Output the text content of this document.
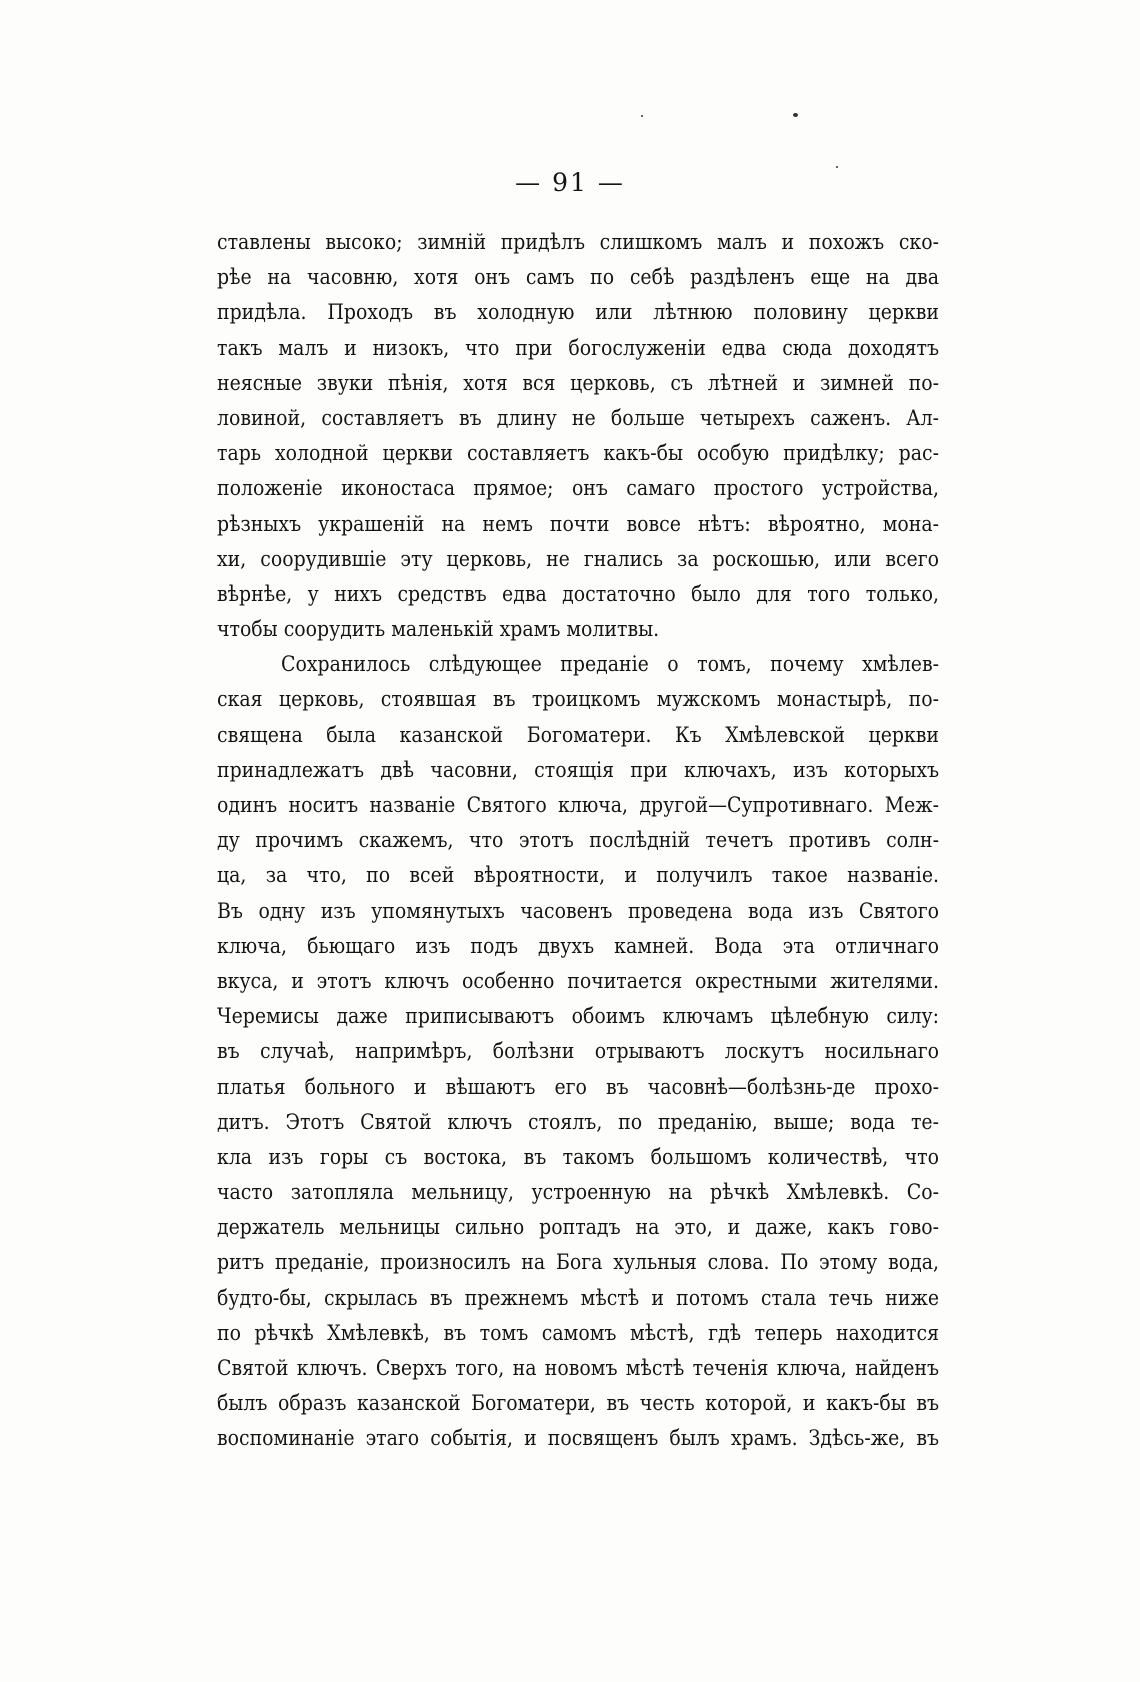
— 91 —
ставлены высоко; зимній придѣлъ слишкомъ малъ и похожъ ско-
рѣе на часовню, хотя онъ самъ по себѣ раздѣленъ еще на два
придѣла. Проходъ въ холодную или лѣтнюю половину церкви
такъ малъ и низокъ, что при богослуженіи едва сюда доходятъ
неясные звуки пѣнія, хотя вся церковь, съ лѣтней и зимней по-
ловиной, составляетъ въ длину не больше четырехъ саженъ. Ал-
тарь холодной церкви составляетъ какъ-бы особую придѣлку; рас-
положеніе иконостаса прямое; онъ самаго простого устройства,
рѣзныхъ украшеній на немъ почти вовсе нѣтъ: вѣроятно, мона-
хи, соорудившіе эту церковь, не гнались за роскошью, или всего
вѣрнѣе, у нихъ средствъ едва достаточно было для того только,
чтобы соорудить маленькій храмъ молитвы.
Сохранилось слѣдующее преданіе о томъ, почему хмѣлев-
ская церковь, стоявшая въ троицкомъ мужскомъ монастырѣ, по-
священа была казанской Богоматери. Къ Хмѣлевской церкви
принадлежатъ двѣ часовни, стоящія при ключахъ, изъ которыхъ
одинъ носитъ названіе Святого ключа, другой—Супротивнаго. Меж-
ду прочимъ скажемъ, что этотъ послѣдній течетъ противъ солн-
ца, за что, по всей вѣроятности, и получилъ такое названіе.
Въ одну изъ упомянутыхъ часовенъ проведена вода изъ Святого
ключа, бьющаго изъ подъ двухъ камней. Вода эта отличнаго
вкуса, и этотъ ключъ особенно почитается окрестными жителями.
Черемисы даже приписываютъ обоимъ ключамъ цѣлебную силу:
въ случаѣ, напримѣръ, болѣзни отрываютъ лоскутъ носильнаго
платья больного и вѣшаютъ его въ часовнѣ—болѣзнь-де прохо-
дитъ. Этотъ Святой ключъ стоялъ, по преданію, выше; вода те-
кла изъ горы съ востока, въ такомъ большомъ количествѣ, что
часто затопляла мельницу, устроенную на рѣчкѣ Хмѣлевкѣ. Со-
держатель мельницы сильно роптадъ на это, и даже, какъ гово-
ритъ преданіе, произносилъ на Бога хульныя слова. По этому вода,
будто-бы, скрылась въ прежнемъ мѣстѣ и потомъ стала течь ниже
по рѣчкѣ Хмѣлевкѣ, въ томъ самомъ мѣстѣ, гдѣ теперь находится
Святой ключъ. Сверхъ того, на новомъ мѣстѣ теченія ключа, найденъ
былъ образъ казанской Богоматери, въ честь которой, и какъ-бы въ
воспоминаніе этаго событія, и посвященъ былъ храмъ. Здѣсь-же, въ
